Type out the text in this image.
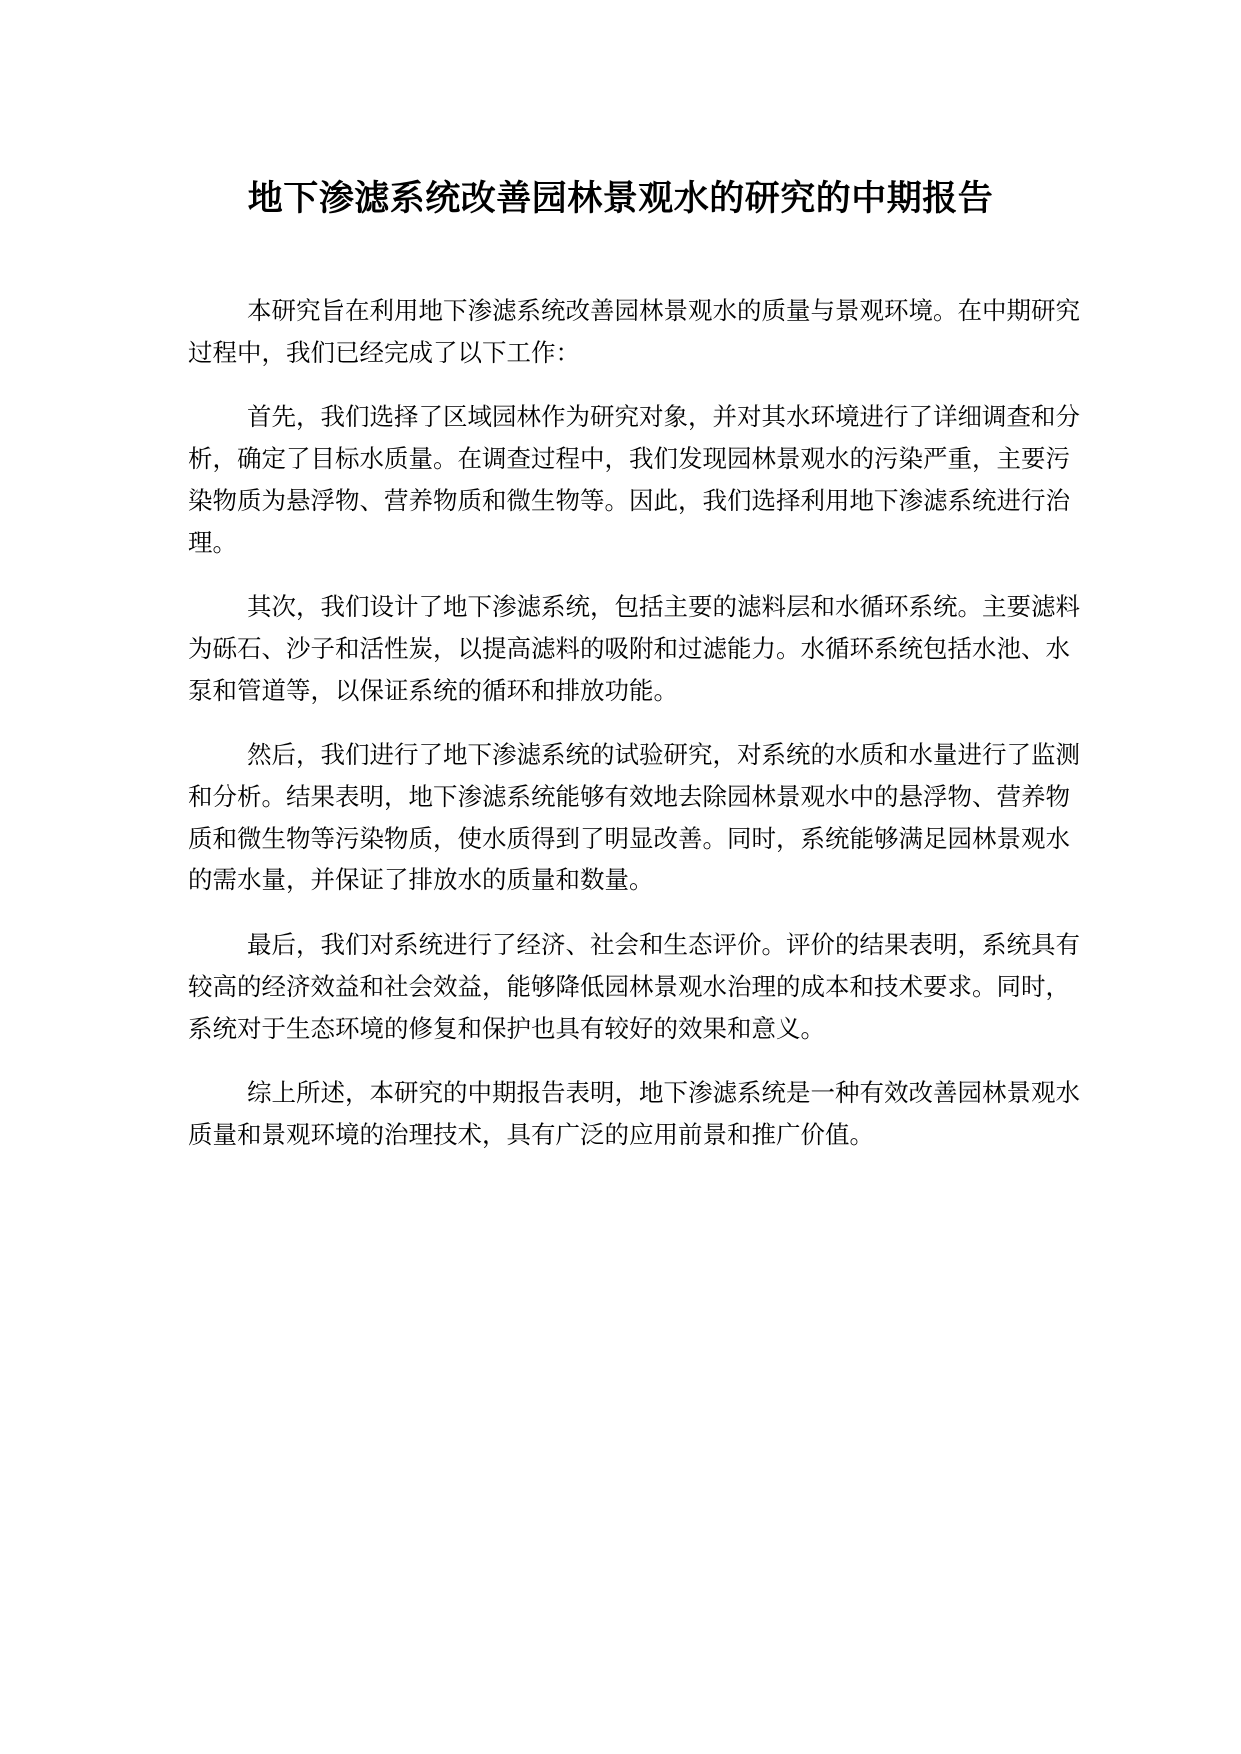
地下渗滤系统改善园林景观水的研究的中期报告

本研究旨在利用地下渗滤系统改善园林景观水的质量与景观环境。在中期研究过程中，我们已经完成了以下工作：

首先，我们选择了区域园林作为研究对象，并对其水环境进行了详细调查和分析，确定了目标水质量。在调查过程中，我们发现园林景观水的污染严重，主要污染物质为悬浮物、营养物质和微生物等。因此，我们选择利用地下渗滤系统进行治理。

其次，我们设计了地下渗滤系统，包括主要的滤料层和水循环系统。主要滤料为砾石、沙子和活性炭，以提高滤料的吸附和过滤能力。水循环系统包括水池、水泵和管道等，以保证系统的循环和排放功能。

然后，我们进行了地下渗滤系统的试验研究，对系统的水质和水量进行了监测和分析。结果表明，地下渗滤系统能够有效地去除园林景观水中的悬浮物、营养物质和微生物等污染物质，使水质得到了明显改善。同时，系统能够满足园林景观水的需水量，并保证了排放水的质量和数量。

最后，我们对系统进行了经济、社会和生态评价。评价的结果表明，系统具有较高的经济效益和社会效益，能够降低园林景观水治理的成本和技术要求。同时，系统对于生态环境的修复和保护也具有较好的效果和意义。

综上所述，本研究的中期报告表明，地下渗滤系统是一种有效改善园林景观水质量和景观环境的治理技术，具有广泛的应用前景和推广价值。
